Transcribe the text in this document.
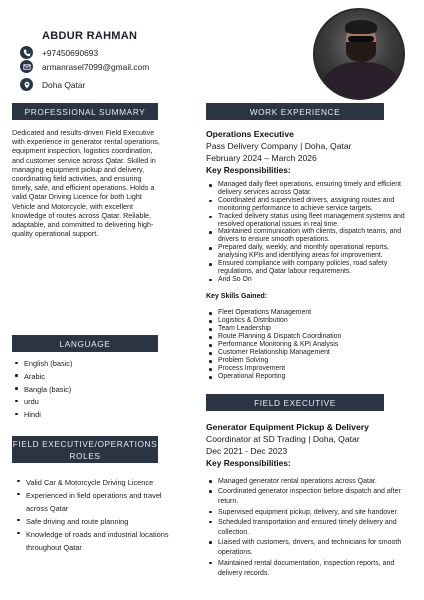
ABDUR RAHMAN
+97450690693
armanrasel7099@gmail.com
Doha Qatar
PROFESSIONAL SUMMARY
Dedicated and results-driven Field Executive with experience in generator rental operations, equipment inspection, logistics coordination, and customer service across Qatar. Skilled in managing equipment pickup and delivery, coordinating field activities, and ensuring timely, safe, and efficient operations. Holds a valid Qatar Driving Licence for both Light Vehicle and Motorcycle, with excellent knowledge of routes across Qatar. Reliable, adaptable, and committed to delivering high-quality operational support.
LANGUAGE
English (basic)
Arabic
Bangla (basic)
urdu
Hindi
FIELD EXECUTIVE/OPERATIONS ROLES
Valid Car & Motorcycle Driving Licence
Experienced in field operations and travel across Qatar
Safe driving and route planning
Knowledge of roads and industrial locations throughout Qatar
WORK EXPERIENCE
Operations Executive
Pass Delivery Company | Doha, Qatar
February 2024 – March 2026
Key Responsibilities:
Managed daily fleet operations, ensuring timely and efficient delivery services across Qatar.
Coordinated and supervised drivers, assigning routes and monitoring performance to achieve service targets.
Tracked delivery status using fleet management systems and resolved operational issues in real time.
Maintained communication with clients, dispatch teams, and drivers to ensure smooth operations.
Prepared daily, weekly, and monthly operational reports, analysing KPIs and identifying areas for improvement.
Ensured compliance with company policies, road safety regulations, and Qatar labour requirements.
And So On
Key Skills Gained:
Fleet Operations Management
Logistics & Distribution
Team Leadership
Route Planning & Dispatch Coordination
Performance Monitoring & KPI Analysis
Customer Relationship Management
Problem Solving
Process Improvement
Operational Reporting
FIELD EXECUTIVE
Generator Equipment Pickup & Delivery
Coordinator at SD Trading | Doha, Qatar
Dec 2021 - Dec 2023
Key Responsibilities:
Managed generator rental operations across Qatar.
Coordinated generator inspection before dispatch and after return.
Supervised equipment pickup, delivery, and site handover.
Scheduled transportation and ensured timely delivery and collection.
Liaised with customers, drivers, and technicians for smooth operations.
Maintained rental documentation, inspection reports, and delivery records.
